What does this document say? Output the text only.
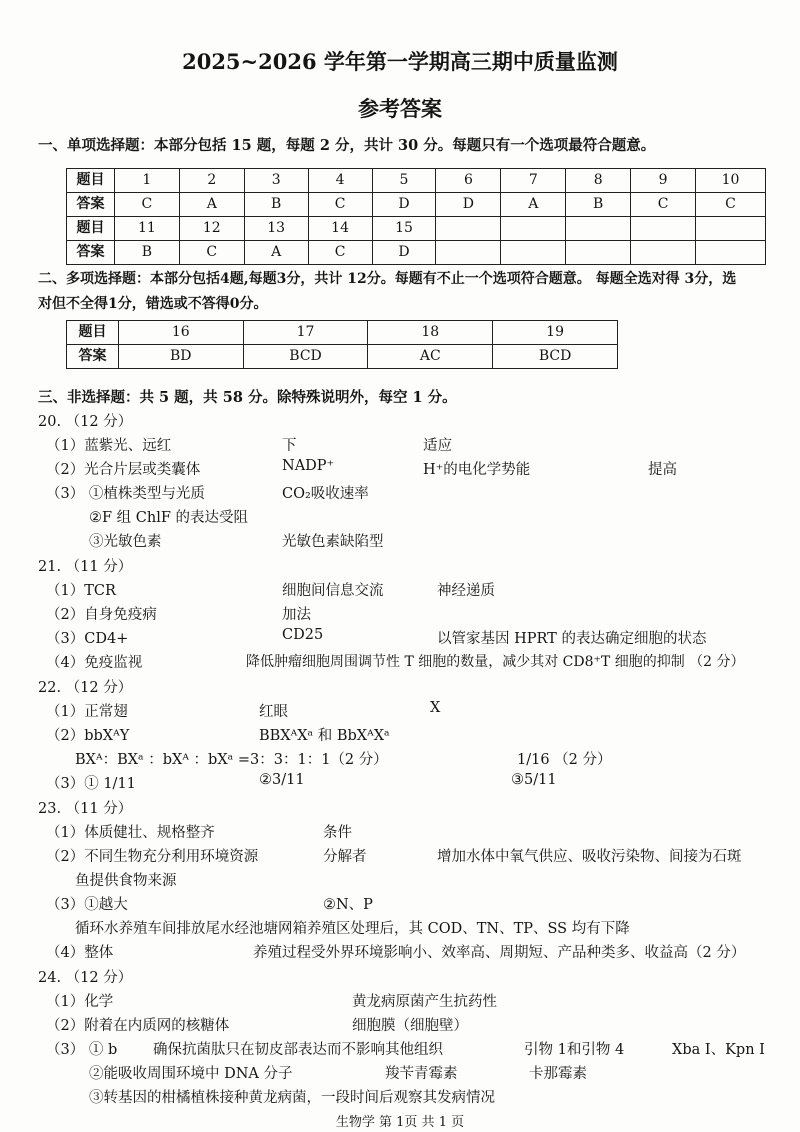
2025~2026 学年第一学期高三期中质量监测
参考答案
一、单项选择题：本部分包括 15 题，每题 2 分，共计 30 分。每题只有一个选项最符合题意。
题目	1	2	3	4	5	6	7	8	9	10
答案	C	A	B	C	D	D	A	B	C	C
题目	11	12	13	14	15					
答案	B	C	A	C	D					
二、多项选择题：本部分包括4题,每题3分，共计 12分。每题有不止一个选项符合题意。 每题全选对得 3分，选
对但不全得1分，错选或不答得0分。
题目	16	17	18	19
答案	BD	BCD	AC	BCD
三、非选择题：共 5 题，共 58 分。除特殊说明外，每空 1 分。
20. （12 分）
（1）蓝紫光、远红	下	适应
（2）光合片层或类囊体	NADP⁺	H⁺的电化学势能	提高
（3） ①植株类型与光质	CO₂吸收速率
②F 组 ChlF 的表达受阻
③光敏色素	光敏色素缺陷型
21. （11 分）
（1）TCR	细胞间信息交流	神经递质
（2）自身免疫病	加法
（3）CD4+	CD25	以管家基因 HPRT 的表达确定细胞的状态
（4）免疫监视	降低肿瘤细胞周围调节性 T 细胞的数量，减少其对 CD8⁺T 细胞的抑制 （2 分）
22. （12 分）
（1）正常翅	红眼	X
（2）bbXᴬY	BBXᴬXᵃ 和 BbXᴬXᵃ
BXᴬ：BXᵃ ：bXᴬ ：bXᵃ =3：3：1：1（2 分）	1/16 （2 分）
（3）① 1/11	②3/11	③5/11
23. （11 分）
（1）体质健壮、规格整齐	条件
（2）不同生物充分利用环境资源	分解者	增加水体中氧气供应、吸收污染物、间接为石斑
鱼提供食物来源
（3）①越大	②N、P
循环水养殖车间排放尾水经池塘网箱养殖区处理后，其 COD、TN、TP、SS 均有下降
（4）整体	养殖过程受外界环境影响小、效率高、周期短、产品种类多、收益高（2 分）
24. （12 分）
（1）化学	黄龙病原菌产生抗药性
（2）附着在内质网的核糖体	细胞膜（细胞壁）
（3） ① b 确保抗菌肽只在韧皮部表达而不影响其他组织	引物 1和引物 4	Xba I、Kpn I
②能吸收周围环境中 DNA 分子	羧苄青霉素	卡那霉素
③转基因的柑橘植株接种黄龙病菌，一段时间后观察其发病情况
生物学 第 1页 共 1 页
